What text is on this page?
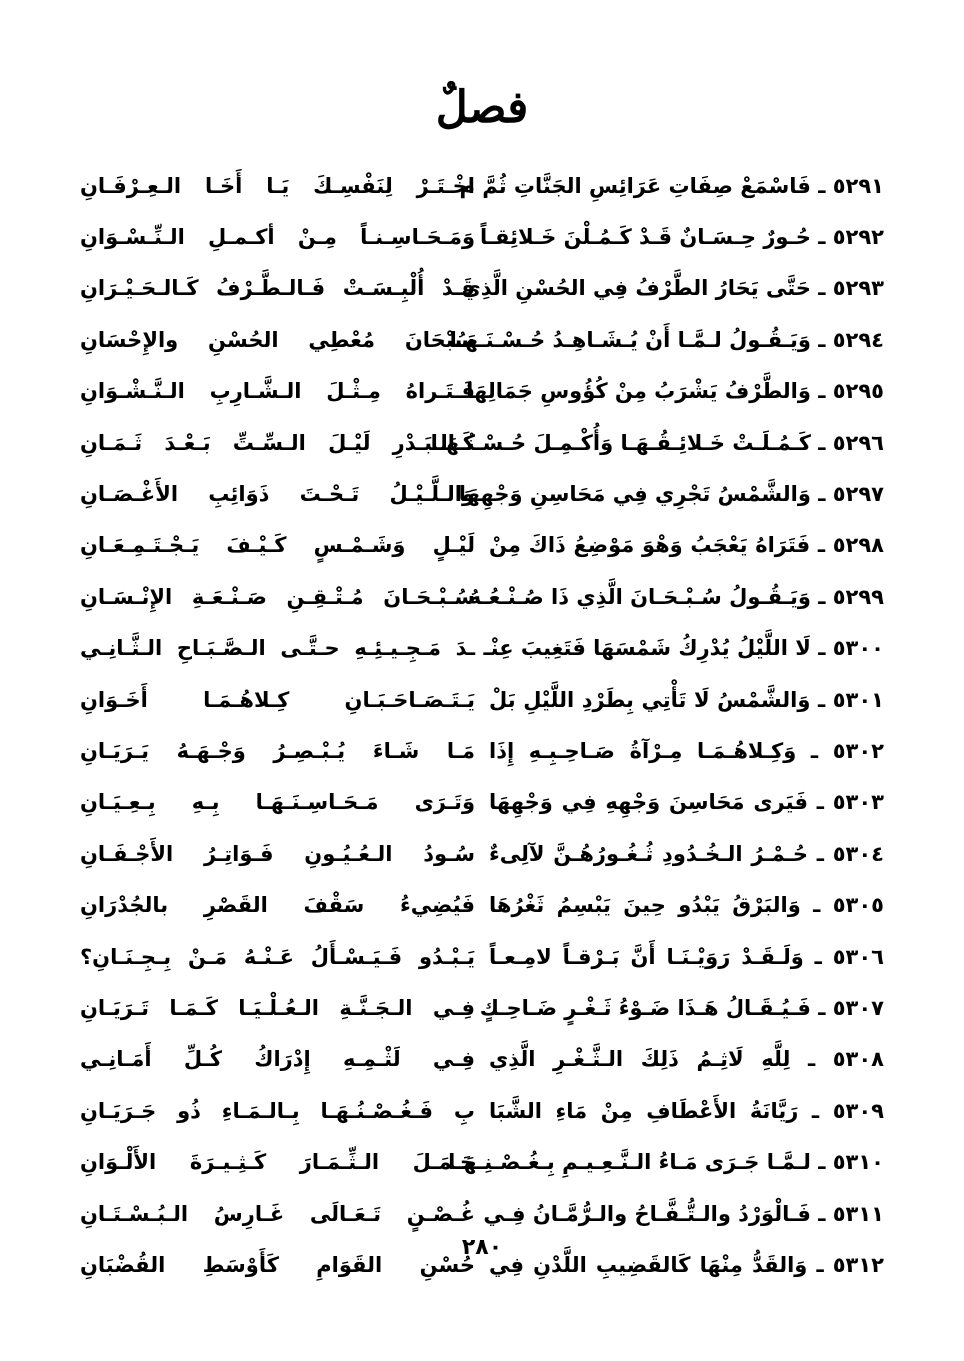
فصلٌ
٥٢٩١ ـ فَاسْمَعْ صِفَاتِ عَرَائِسِ الجَنَّاتِ ثُمَّ م
اخْـتَـرْ لِنَفْسِـكَ يَـا أَخَـا الـعِـرْفَـانِ
٥٢٩٢ ـ حُـورٌ حِـسَـانٌ قَـدْ كَـمُـلْنَ خَـلائِقـاً
وَمَـحَـاسِـنـاً مِـنْ أكـمـلِ الـنِّـسْـوَانِ
٥٢٩٣ ـ حَتَّى يَحَارُ الطَّرْفُ فِي الحُسْنِ الَّذِي
قَـدْ أُلْبِـسَـتْ فَـالـطَّـرْفُ كَـالـحَـيْـرَانِ
٥٢٩٤ ـ وَيَـقُـولُ لـمَّـا أَنْ يُـشَـاهِـدُ حُـسْـنَـهَـا
سُبْحَانَ مُعْطِي الحُسْنِ والإِحْسَانِ
٥٢٩٥ ـ وَالطَّرْفُ يَشْرَبُ مِنْ كُؤُوسِ جَمَالِهَا
فَـتَـراهُ مِـثْـلَ الـشَّـارِبِ الـنَّـشْـوَانِ
٥٢٩٦ ـ كَـمُـلَـتْ خَـلائِـقُـهَـا وَأُكْـمِـلَ حُـسْـنُـهَـا
كَـالـبَـدْرِ لَيْـلَ الـسِّـتِّ بَـعْـدَ ثَـمَـانِ
٥٢٩٧ ـ وَالشَّمْسُ تَجْرِي فِي مَحَاسِنِ وَجْهِهَا
وَالـلَّـيْـلُ تَـحْـتَ ذَوَائِبِ الأَغْـصَـانِ
٥٢٩٨ ـ فَتَرَاهُ يَعْجَبُ وَهْوَ مَوْضِعُ ذَاكَ مِنْ
لَيْـلٍ وَشَـمْـسٍ كَـيْـفَ يَـجْـتَـمِـعَـانِ
٥٢٩٩ ـ وَيَـقُـولُ سُـبْـحَـانَ الَّذِي ذَا صُـنْـعُـهُ
سُـبْـحَـانَ مُـتْـقِـنِ صَـنْـعَـةِ الإِنْـسَـانِ
٥٣٠٠ ـ لَا اللَّيْلُ يُدْرِكُ شَمْسَهَا فَتَغِيبَ عِنْـ
ـدَ مَـجِـيـئِـهِ حـتَّـى الـصَّـبَـاحِ الـثَّـانِـي
٥٣٠١ ـ وَالشَّمْسُ لَا تَأْتِي بِطَرْدِ اللَّيْلِ بَلْ
يَـتَـصَـاحَـبَـانِ كِـلاهُـمَـا أَخَـوَانِ
٥٣٠٢ ـ وَكِـلاهُـمَـا مِـرْآةُ صَـاحِـبِـهِ إِذَا
مَـا شَـاءَ يُـبْـصِـرُ وَجْـهَـهُ يَـرَيَـانِ
٥٣٠٣ ـ فَيَرى مَحَاسِنَ وَجْهِهِ فِي وَجْهِهَا
وَتَـرَى مَـحَـاسِـنَـهَـا بِـهِ بِـعِـيَـانِ
٥٣٠٤ ـ حُـمْـرُ الـخُـدُودِ ثُـغُـورُهُـنَّ لآلِىءٌ
سُـودُ الـعُـيُـونِ فَـوَاتِـرُ الأَجْـفَـانِ
٥٣٠٥ ـ وَالبَرْقُ يَبْدُو حِينَ يَبْسِمُ ثَغْرُهَا
فَيُضِيءُ سَقْفَ القَصْرِ بالجُدْرَانِ
٥٣٠٦ ـ وَلَـقَـدْ رَوَيْـنَـا أَنَّ بَـرْقـاً لامِـعـاً
يَـبْـدُو فَـيَـسْـأَلُ عَـنْـهُ مَـنْ بِـجِـنَـانِ؟
٥٣٠٧ ـ فَـيُـقَـالُ هَـذَا ضَـوْءُ ثَـغْـرٍ ضَـاحِـكٍ
فِـي الـجَـنَّـةِ الـعُـلْـيَـا كَـمَـا تَـرَيَـانِ
٥٣٠٨ ـ لِلَّهِ لَاثِـمُ ذَلِكَ الـثَّـغْـرِ الَّذِي
فِـي لَثْـمِـهِ إِدْرَاكُ كُـلِّ أَمَـانِـي
٥٣٠٩ ـ رَيَّانَةُ الأَعْطَافِ مِنْ مَاءِ الشَّبَا
بِ فَـغُـصْـنُـهَـا بِـالـمَـاءِ ذُو جَـرَيَـانِ
٥٣١٠ ـ لـمَّـا جَـرَى مَـاءُ الـنَّـعِـيـمِ بِـغُـصْـنِـهَـا
حَـمَـلَ الـثِّـمَـارَ كَـثِـيـرَةَ الأَلْـوَانِ
٥٣١١ ـ فَـالْوَرْدُ والـتُّـفَّـاحُ والـرُّمَّـانُ فِـي
غُـصْـنٍ تَـعَـالَى غَـارِسُ الـبُـسْـتَـانِ
٥٣١٢ ـ وَالقَدُّ مِنْهَا كَالقَضِيبِ اللَّدْنِ فِي
حُسْنِ القَوَامِ كَأَوْسَطِ القُضْبَانِ
٢٨٠
